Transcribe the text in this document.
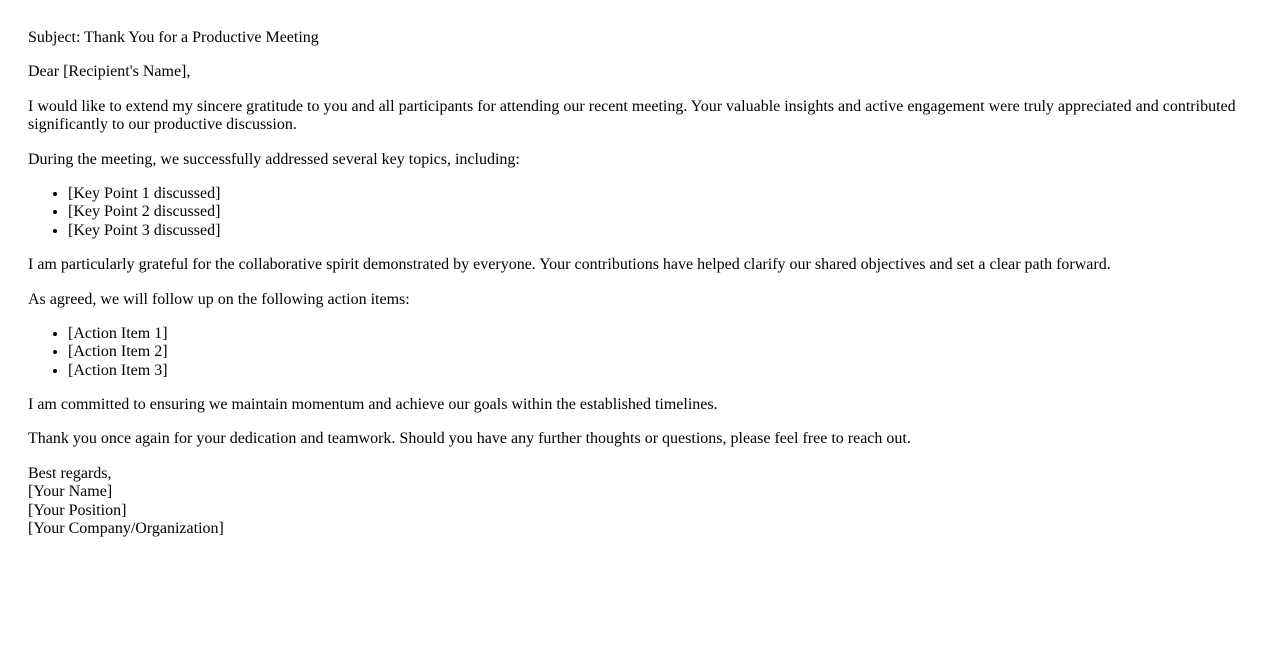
Subject: Thank You for a Productive Meeting

Dear [Recipient's Name],

I would like to extend my sincere gratitude to you and all participants for attending our recent meeting. Your valuable insights and active engagement were truly appreciated and contributed significantly to our productive discussion.

During the meeting, we successfully addressed several key topics, including:

• [Key Point 1 discussed]
• [Key Point 2 discussed]
• [Key Point 3 discussed]

I am particularly grateful for the collaborative spirit demonstrated by everyone. Your contributions have helped clarify our shared objectives and set a clear path forward.

As agreed, we will follow up on the following action items:

• [Action Item 1]
• [Action Item 2]
• [Action Item 3]

I am committed to ensuring we maintain momentum and achieve our goals within the established timelines.

Thank you once again for your dedication and teamwork. Should you have any further thoughts or questions, please feel free to reach out.

Best regards,
[Your Name]
[Your Position]
[Your Company/Organization]
